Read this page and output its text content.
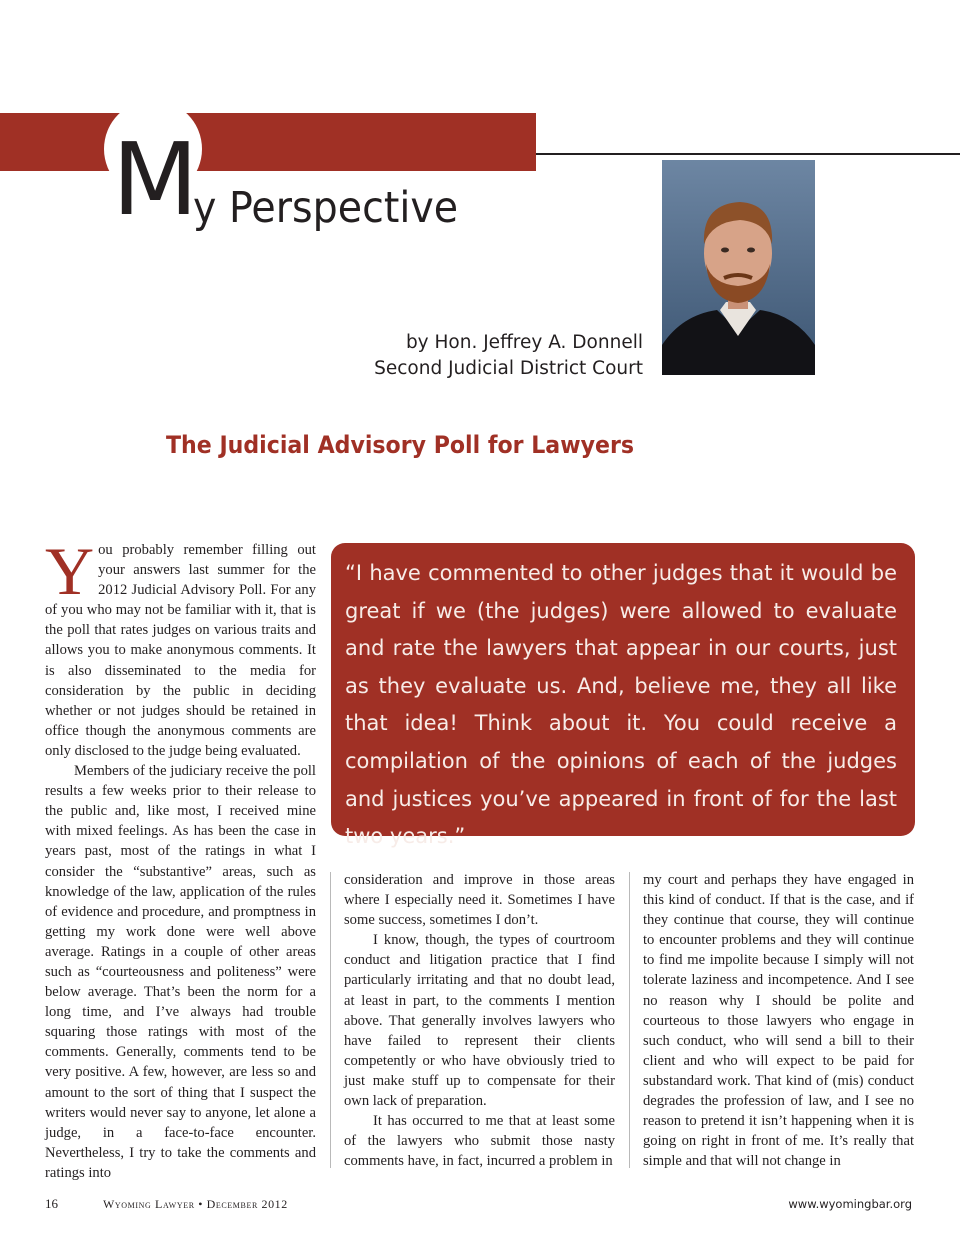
M
y Perspective
by Hon. Jeffrey A. Donnell
Second Judicial District Court
The Judicial Advisory Poll for Lawyers
“I have commented to other judges that it would be great if we (the judges) were allowed to evaluate and rate the lawyers that appear in our courts, just as they evaluate us. And, believe me, they all like that idea! Think about it. You could receive a compilation of the opinions of each of the judges and justices you’ve appeared in front of for the last two years.”

You probably remember filling out your answers last summer for the 2012 Judicial Advisory Poll. For any of you who may not be familiar with it, that is the poll that rates judges on various traits and allows you to make anonymous comments. It is also disseminated to the media for consideration by the public in deciding whether or not judges should be retained in office though the anonymous comments are only disclosed to the judge being evaluated.

Members of the judiciary receive the poll results a few weeks prior to their release to the public and, like most, I received mine with mixed feelings. As has been the case in years past, most of the ratings in what I consider the “substantive” areas, such as knowledge of the law, application of the rules of evidence and procedure, and promptness in getting my work done were well above average. Ratings in a couple of other areas such as “courteousness and politeness” were below average. That’s been the norm for a long time, and I’ve always had trouble squaring those ratings with most of the comments. Generally, comments tend to be very positive. A few, however, are less so and amount to the sort of thing that I suspect the writers would never say to anyone, let alone a judge, in a face-to-face encounter. Nevertheless, I try to take the comments and ratings into

consideration and improve in those areas where I especially need it. Sometimes I have some success, sometimes I don’t.

I know, though, the types of courtroom conduct and litigation practice that I find particularly irritating and that no doubt lead, at least in part, to the comments I mention above. That generally involves lawyers who have failed to represent their clients competently or who have obviously tried to just make stuff up to compensate for their own lack of preparation.

It has occurred to me that at least some of the lawyers who submit those nasty comments have, in fact, incurred a problem in

my court and perhaps they have engaged in this kind of conduct. If that is the case, and if they continue that course, they will continue to encounter problems and they will continue to find me impolite because I simply will not tolerate laziness and incompetence. And I see no reason why I should be polite and courteous to those lawyers who engage in such conduct, who will send a bill to their client and who will expect to be paid for substandard work. That kind of (mis) conduct degrades the profession of law, and I see no reason to pretend it isn’t happening when it is going on right in front of me. It’s really that simple and that will not change in

16	Wyoming Lawyer • December 2012	www.wyomingbar.org
